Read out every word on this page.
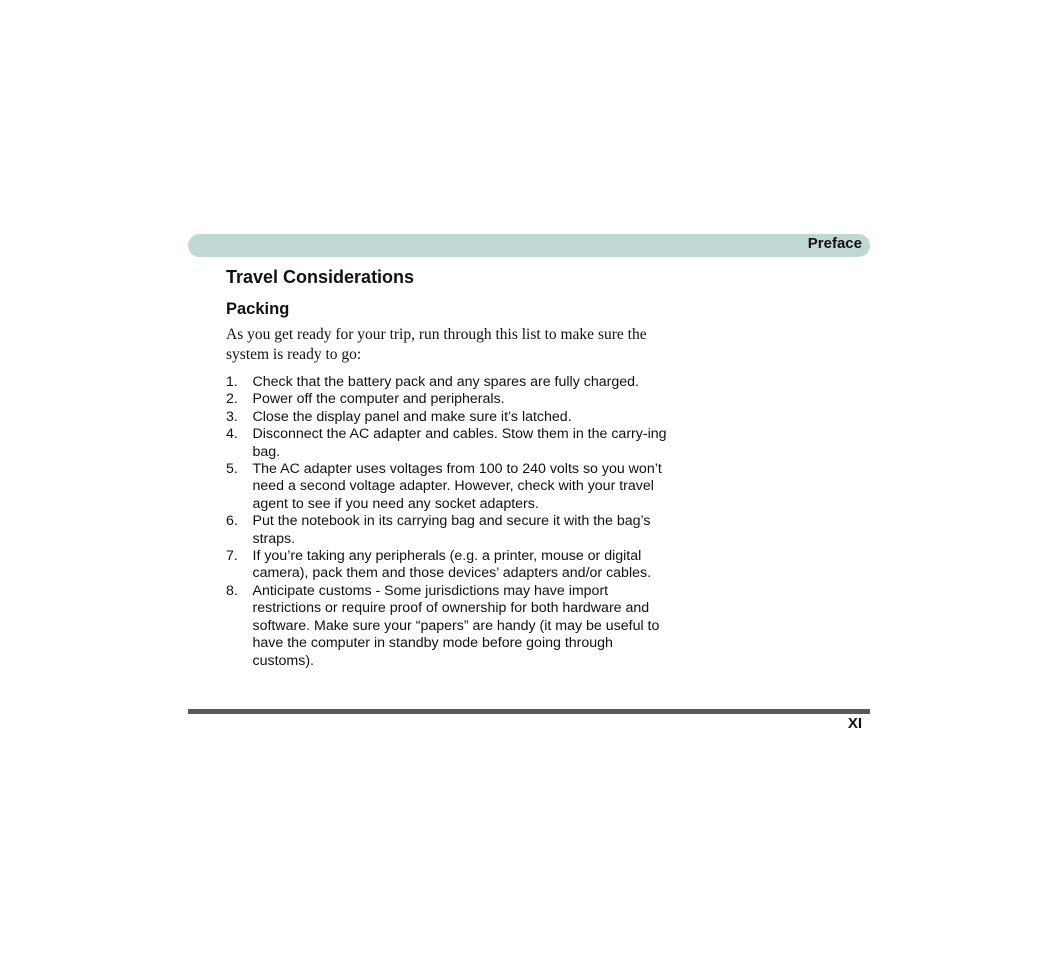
Preface
Travel Considerations
Packing

As you get ready for your trip, run through this list to make sure the system is ready to go:

1. Check that the battery pack and any spares are fully charged.
2. Power off the computer and peripherals.
3. Close the display panel and make sure it’s latched.
4. Disconnect the AC adapter and cables. Stow them in the carry-ing bag.
5. The AC adapter uses voltages from 100 to 240 volts so you won’t need a second voltage adapter. However, check with your travel agent to see if you need any socket adapters.
6. Put the notebook in its carrying bag and secure it with the bag’s straps.
7. If you’re taking any peripherals (e.g. a printer, mouse or digital camera), pack them and those devices’ adapters and/or cables.
8. Anticipate customs - Some jurisdictions may have import restrictions or require proof of ownership for both hardware and software. Make sure your “papers” are handy (it may be useful to have the computer in standby mode before going through customs).
XI
